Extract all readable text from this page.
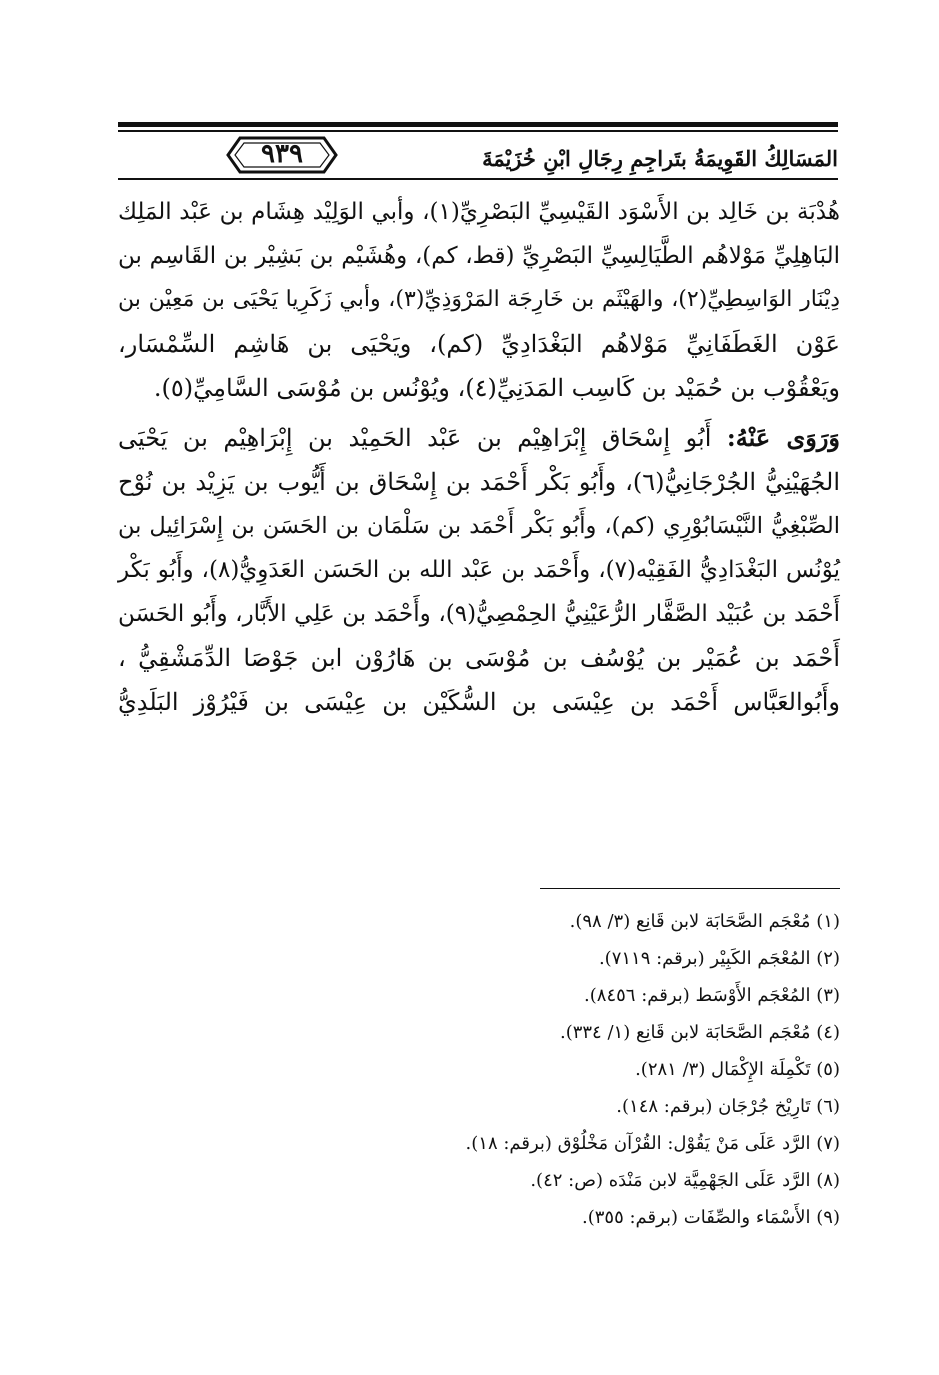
٩٣٩	المَسَالِكُ القَوِيمَةُ بتَراجِمِ رِجَالِ ابْنِ خُزَيْمَةَ
هُدْبَة بن خَالِد بن الأَسْوَد القَيْسِيِّ البَصْرِيِّ(١)، وأبي الوَلِيْد هِشَام بن عَبْد المَلِك
البَاهِلِيِّ مَوْلاهُم الطَّيَالِسِيِّ البَصْرِيِّ (قط، كم)، وهُشَيْم بن بَشِيْر بن القَاسِم بن
دِيْنَار الوَاسِطِيِّ(٢)، والهَيْثَم بن خَارِجَة المَرْوَذِيِّ(٣)، وأبي زَكَرِيا يَحْيَى بن مَعِيْن بن
عَوْن الغَطَفَانِيِّ مَوْلاهُم البَغْدَادِيِّ (كم)، ويَحْيَى بن هَاشِم السِّمْسَار،
ويَعْقُوْب بن حُمَيْد بن كَاسِب المَدَنِيِّ(٤)، ويُوْنُس بن مُوْسَى السَّامِيِّ(٥).
وَرَوَى عَنْهُ: أَبُو إِسْحَاق إِبْرَاهِيْم بن عَبْد الحَمِيْد بن إِبْرَاهِيْم بن يَحْيَى
الجُهَيْنِيُّ الجُرْجَانِيُّ(٦)، وأَبُو بَكْر أَحْمَد بن إِسْحَاق بن أَيُّوب بن يَزِيْد بن نُوْح
الصِّبْغِيُّ النَّيْسَابُوْرِي (كم)، وأَبُو بَكْر أَحْمَد بن سَلْمَان بن الحَسَن بن إِسْرَائِيل بن
يُوْنُس البَغْدَادِيُّ الفَقِيْه(٧)، وأَحْمَد بن عَبْد الله بن الحَسَن العَدَوِيُّ(٨)، وأَبُو بَكْر
أَحْمَد بن عُبَيْد الصَّفَّار الرُّعَيْنِيُّ الحِمْصِيُّ(٩)، وأَحْمَد بن عَلِي الأَبَّار، وأَبُو الحَسَن
أَحْمَد بن عُمَيْر بن يُوْسُف بن مُوْسَى بن هَارُوْن ابن جَوْصَا الدِّمَشْقِيُّ ،
وأَبُوالعَبَّاس أَحْمَد بن عِيْسَى بن السُّكَيْن بن عِيْسَى بن فَيْرُوْز البَلَدِيُّ
(١) مُعْجَم الصَّحَابَة لابن قَانِع (٣/ ٩٨).
(٢) المُعْجَم الكَبِيْر (برقم: ٧١١٩).
(٣) المُعْجَم الأَوْسَط (برقم: ٨٤٥٦).
(٤) مُعْجَم الصَّحَابَة لابن قَانِع (١/ ٣٣٤).
(٥) تَكْمِلَة الإِكْمَال (٣/ ٢٨١).
(٦) تَارِيْخ جُرْجَان (برقم: ١٤٨).
(٧) الرَّد عَلَى مَنْ يَقُوْل: القُرْآن مَخْلُوْق (برقم: ١٨).
(٨) الرَّد عَلَى الجَهْمِيَّة لابن مَنْدَه (ص: ٤٢).
(٩) الأَسْمَاء والصِّفَات (برقم: ٣٥٥).
